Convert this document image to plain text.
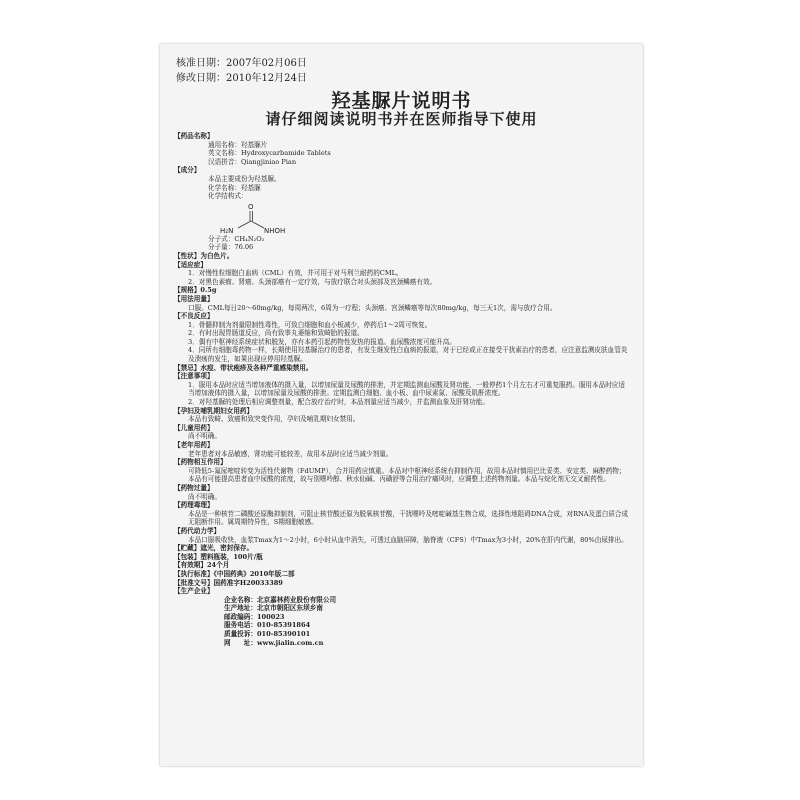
核准日期：2007年02月06日
修改日期：2010年12月24日
羟基脲片说明书
请仔细阅读说明书并在医师指导下使用
【药品名称】
通用名称：羟基脲片
英文名称：Hydroxycarbamide Tablets
汉语拼音：Qiangjiniao Pian
【成分】
本品主要成份为羟基脲。
化学名称：羟基脲
化学结构式：
O
H₂N	NHOH
分子式：CH₄N₂O₂
分子量：76.06
【性状】为白色片。
【适应症】
1．对慢性粒细胞白血病（CML）有效，并可用于对马利兰耐药的CML。
2．对黑色素瘤、肾癌、头颈部癌有一定疗效，与放疗联合对头颈部及宫颈鳞癌有效。
【规格】0.5g
【用法用量】
口服。CML每日20～60mg/kg，每周两次，6周为一疗程；头颈癌、宫颈鳞癌等每次80mg/kg，每三天1次，需与放疗合用。
【不良反应】
1．骨髓抑制为剂量限制性毒性，可致白细胞和血小板减少，停药后1～2周可恢复。
2．有时出现胃肠道反应，尚有致睾丸萎缩和致畸胎的报道。
3．偶有中枢神经系统症状和脱发，亦有本药引起药物性发热的报道。血尿酸浓度可能升高。
4．同所有细胞毒药物一样，长期使用羟基脲治疗的患者，有发生继发性白血病的报道，对于已经或正在接受干扰素治疗的患者，应注意监测皮肤血管炎及溃疡的发生，如果出现应停用羟基脲。
【禁忌】水痘、带状疱疹及各种严重感染禁用。
【注意事项】
1．服用本品时应适当增加液体的摄入量，以增加尿量及尿酸的排泄，并定期监测血尿酸及肾功能，一般停药1个月左右才可重复服药。服用本品时应适当增加液体的摄入量，以增加尿量及尿酸的排泄。定期监测白细胞、血小板、血中尿素氮、尿酸及肌酐浓度。
2．对羟基脲的处理后相应调整剂量，配合放疗治疗时，本品剂量应适当减少，并监测血象及肝肾功能。
【孕妇及哺乳期妇女用药】
本品有致畸、致癌和致突变作用，孕妇及哺乳期妇女禁用。
【儿童用药】
尚不明确。
【老年用药】
老年患者对本品敏感，肾功能可能较差，故用本品时应适当减少剂量。
【药物相互作用】
可降低5-氟尿嘧啶转变为活性代谢物（FdUMP），合并用药应慎重。本品对中枢神经系统有抑制作用，故用本品时慎用巴比妥类、安定类、麻醉药物；本品有可能提高患者血中尿酸的浓度，故与别嘌呤醇、秋水仙碱、丙磺舒等合用治疗痛风时，应调整上述药物剂量。本品与烷化剂无交叉耐药性。
【药物过量】
尚不明确。
【药理毒理】
本品是一种核苷二磷酸还原酶抑制剂，可阻止核苷酸还原为脱氧核苷酸，干扰嘌呤及嘧啶碱基生物合成，选择性地阻碍DNA合成，对RNA及蛋白质合成无阻断作用。属周期特异性，S期细胞敏感。
【药代动力学】
本品口服吸收快，血浆Tmax为1～2小时，6小时从血中消失，可透过血脑屏障，脑脊液（CFS）中Tmax为3小时，20%在肝内代谢，80%由尿排出。
【贮藏】遮光，密封保存。
【包装】塑料瓶装，100片/瓶
【有效期】24个月
【执行标准】《中国药典》2010年版二部
【批准文号】国药准字H20033389
【生产企业】
企业名称：北京嘉林药业股份有限公司
生产地址：北京市朝阳区东坝乡南
邮政编码：100023
服务电话：010-85391864
质量投诉：010-85390101
网　　址：www.jialin.com.cn
